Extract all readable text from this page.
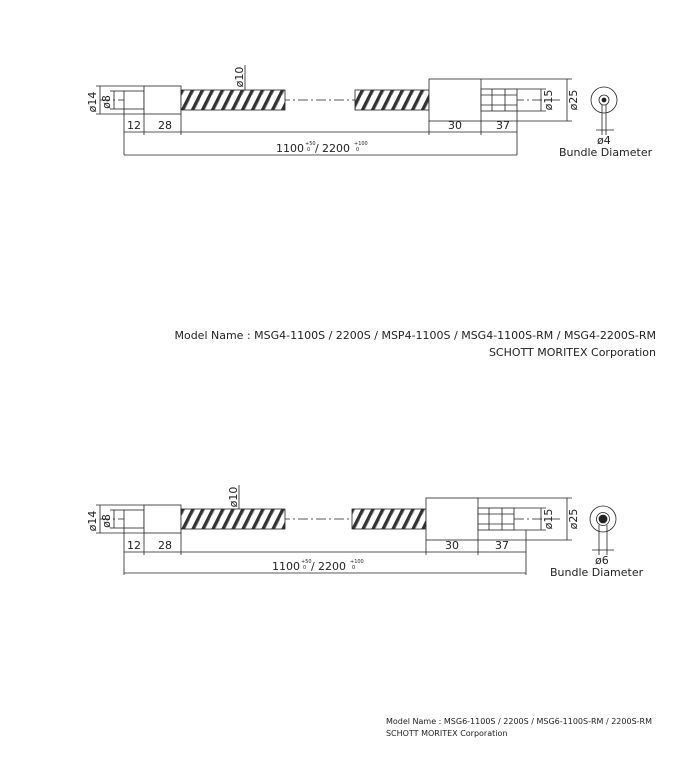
ø14 ø8
ø10
ø15 ø25
12 28	30	37
1100 +50
0 / 2200 +100
0
ø4
Bundle Diameter
Model Name : MSG4-1100S / 2200S / MSP4-1100S / MSG4-1100S-RM / MSG4-2200S-RM
SCHOTT MORITEX Corporation
ø14 ø8
ø10
ø15 ø25
12 28	30	37
1100 +50
0 / 2200 +100
0
ø6
Bundle Diameter
Model Name : MSG6-1100S / 2200S / MSG6-1100S-RM / 2200S-RM
SCHOTT MORITEX Corporation
